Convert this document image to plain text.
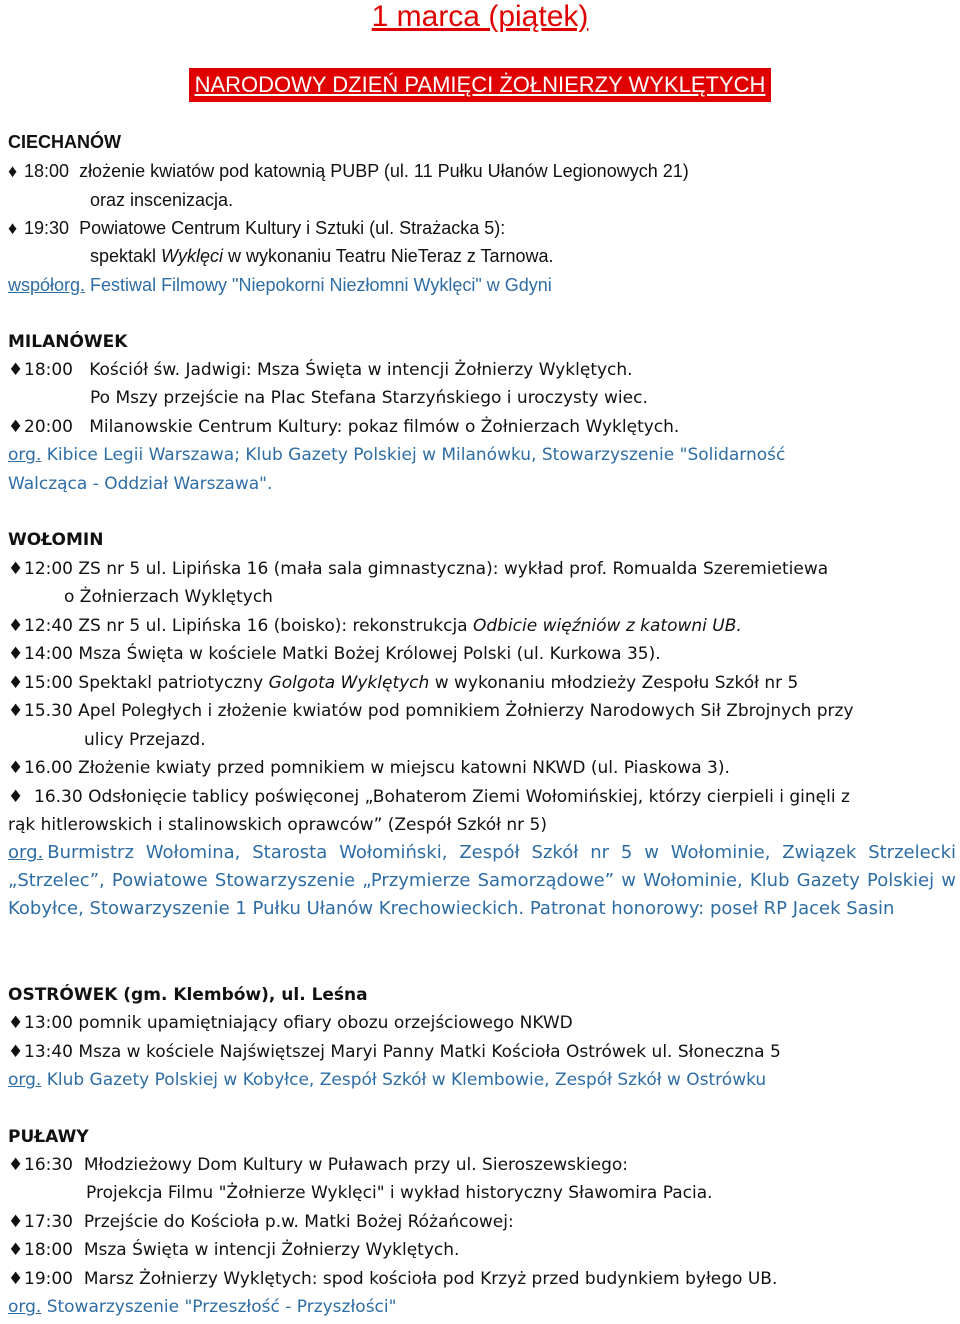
1 marca (piątek)
NARODOWY DZIEŃ PAMIĘCI ŻOŁNIERZY WYKLĘTYCH
CIECHANÓW
♦ 18:00 złożenie kwiatów pod katownią PUBP (ul. 11 Pułku Ułanów Legionowych 21)
oraz inscenizacja.
♦ 19:30 Powiatowe Centrum Kultury i Sztuki (ul. Strażacka 5):
spektakl Wyklęci w wykonaniu Teatru NieTeraz z Tarnowa.
współorg. Festiwal Filmowy "Niepokorni Niezłomni Wyklęci" w Gdyni
MILANÓWEK
♦18:00 Kościół św. Jadwigi: Msza Święta w intencji Żołnierzy Wyklętych.
Po Mszy przejście na Plac Stefana Starzyńskiego i uroczysty wiec.
♦20:00 Milanowskie Centrum Kultury: pokaz filmów o Żołnierzach Wyklętych.
org. Kibice Legii Warszawa; Klub Gazety Polskiej w Milanówku, Stowarzyszenie "Solidarność
Walcząca - Oddział Warszawa".
WOŁOMIN
♦12:00 ZS nr 5 ul. Lipińska 16 (mała sala gimnastyczna): wykład prof. Romualda Szeremietiewa
o Żołnierzach Wyklętych
♦12:40 ZS nr 5 ul. Lipińska 16 (boisko): rekonstrukcja Odbicie więźniów z katowni UB.
♦14:00 Msza Święta w kościele Matki Bożej Królowej Polski (ul. Kurkowa 35).
♦15:00 Spektakl patriotyczny Golgota Wyklętych w wykonaniu młodzieży Zespołu Szkół nr 5
♦15.30 Apel Poległych i złożenie kwiatów pod pomnikiem Żołnierzy Narodowych Sił Zbrojnych przy
ulicy Przejazd.
♦16.00 Złożenie kwiaty przed pomnikiem w miejscu katowni NKWD (ul. Piaskowa 3).
♦ 16.30 Odsłonięcie tablicy poświęconej „Bohaterom Ziemi Wołomińskiej, którzy cierpieli i ginęli z
rąk hitlerowskich i stalinowskich oprawców” (Zespół Szkół nr 5)
org. Burmistrz Wołomina, Starosta Wołomiński, Zespół Szkół nr 5 w Wołominie, Związek Strzelecki „Strzelec”, Powiatowe Stowarzyszenie „Przymierze Samorządowe” w Wołominie, Klub Gazety Polskiej w Kobyłce, Stowarzyszenie 1 Pułku Ułanów Krechowieckich. Patronat honorowy: poseł RP Jacek Sasin
OSTRÓWEK (gm. Klembów), ul. Leśna
♦13:00 pomnik upamiętniający ofiary obozu orzejściowego NKWD
♦13:40 Msza w kościele Najświętszej Maryi Panny Matki Kościoła Ostrówek ul. Słoneczna 5
org. Klub Gazety Polskiej w Kobyłce, Zespół Szkół w Klembowie, Zespół Szkół w Ostrówku
PUŁAWY
♦16:30 Młodzieżowy Dom Kultury w Puławach przy ul. Sieroszewskiego:
Projekcja Filmu "Żołnierze Wyklęci" i wykład historyczny Sławomira Pacia.
♦17:30 Przejście do Kościoła p.w. Matki Bożej Różańcowej:
♦18:00 Msza Święta w intencji Żołnierzy Wyklętych.
♦19:00 Marsz Żołnierzy Wyklętych: spod kościoła pod Krzyż przed budynkiem byłego UB.
org. Stowarzyszenie "Przeszłość - Przyszłości"
